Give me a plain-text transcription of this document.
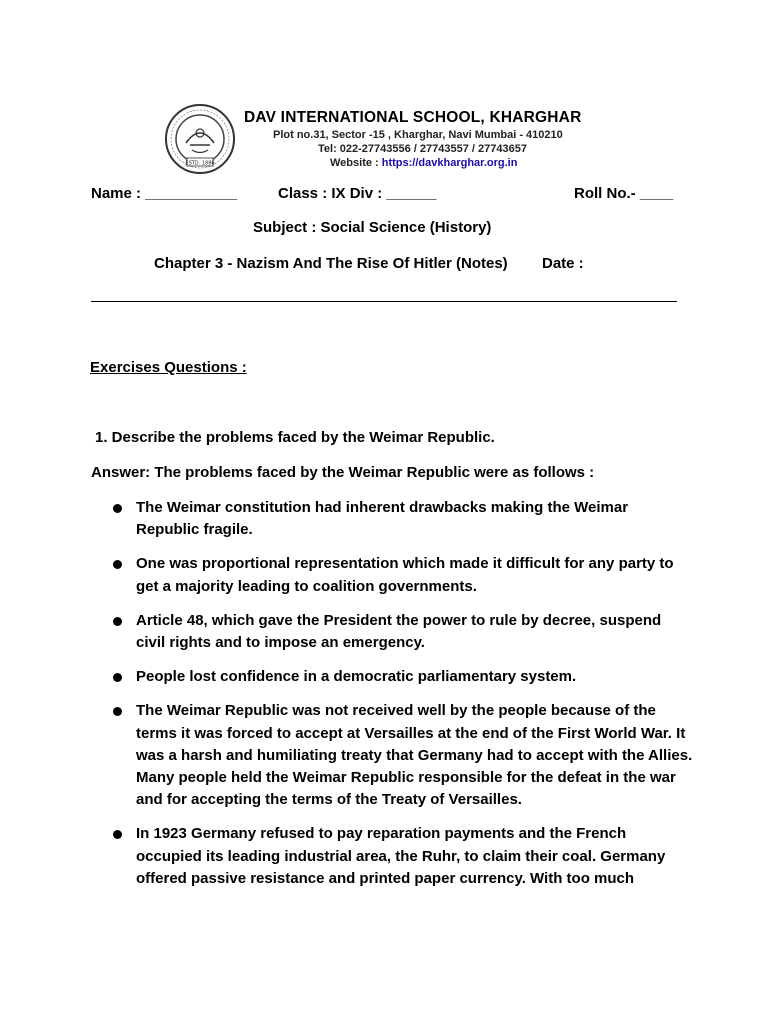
ESTD. 1886
DAV INTERNATIONAL SCHOOL, KHARGHAR
Plot no.31, Sector -15 , Kharghar, Navi Mumbai - 410210
Tel: 022-27743556 / 27743557 / 27743657
Website : https://davkharghar.org.in
Name : ___________	Class : IX Div : ______	Roll No.- ____
Subject : Social Science (History)
Chapter 3 - Nazism And The Rise Of Hitler (Notes) Date :
Exercises Questions :
1. Describe the problems faced by the Weimar Republic.
Answer: The problems faced by the Weimar Republic were as follows :
The Weimar constitution had inherent drawbacks making the Weimar Republic fragile.
One was proportional representation which made it difficult for any party to get a majority leading to coalition governments.
Article 48, which gave the President the power to rule by decree, suspend civil rights and to impose an emergency.
People lost confidence in a democratic parliamentary system.
The Weimar Republic was not received well by the people because of the terms it was forced to accept at Versailles at the end of the First World War. It was a harsh and humiliating treaty that Germany had to accept with the Allies. Many people held the Weimar Republic responsible for the defeat in the war and for accepting the terms of the Treaty of Versailles.
In 1923 Germany refused to pay reparation payments and the French occupied its leading industrial area, the Ruhr, to claim their coal. Germany offered passive resistance and printed paper currency. With too much
